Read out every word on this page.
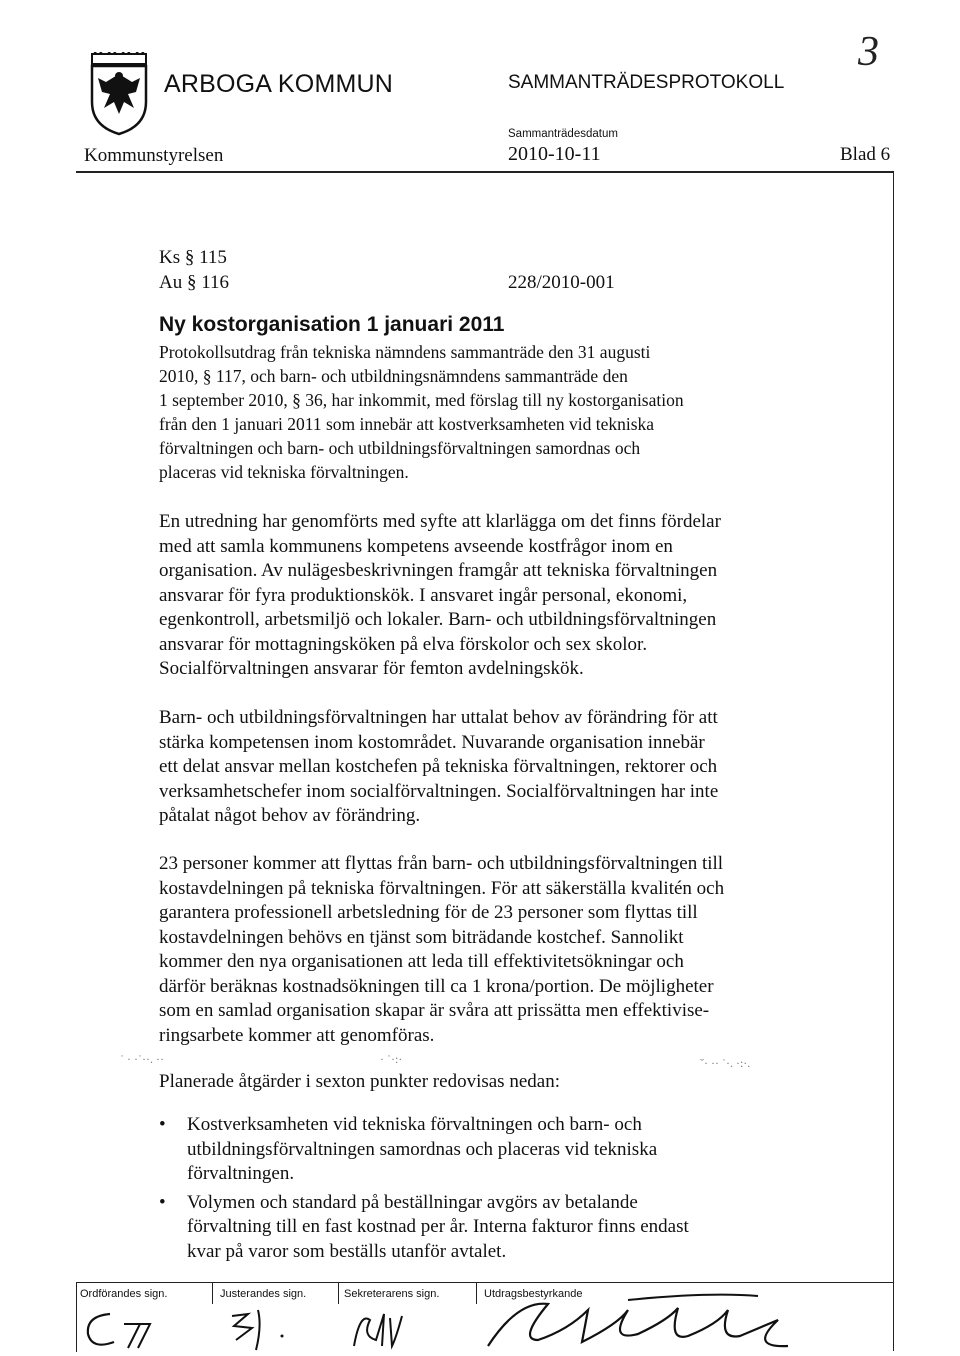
ARBOGA KOMMUN	SAMMANTRÄDESPROTOKOLL
3
Sammanträdesdatum
Kommunstyrelsen	2010-10-11	Blad 6
Ks § 115
Au § 116	228/2010-001
Ny kostorganisation 1 januari 2011
Protokollsutdrag från tekniska nämndens sammanträde den 31 augusti
2010, § 117, och barn- och utbildningsnämndens sammanträde den
1 september 2010, § 36, har inkommit, med förslag till ny kostorganisation
från den 1 januari 2011 som innebär att kostverksamheten vid tekniska
förvaltningen och barn- och utbildningsförvaltningen samordnas och
placeras vid tekniska förvaltningen.
En utredning har genomförts med syfte att klarlägga om det finns fördelar
med att samla kommunens kompetens avseende kostfrågor inom en
organisation. Av nulägesbeskrivningen framgår att tekniska förvaltningen
ansvarar för fyra produktionskök. I ansvaret ingår personal, ekonomi,
egenkontroll, arbetsmiljö och lokaler. Barn- och utbildningsförvaltningen
ansvarar för mottagningsköken på elva förskolor och sex skolor.
Socialförvaltningen ansvarar för femton avdelningskök.
Barn- och utbildningsförvaltningen har uttalat behov av förändring för att
stärka kompetensen inom kostområdet. Nuvarande organisation innebär
ett delat ansvar mellan kostchefen på tekniska förvaltningen, rektorer och
verksamhetschefer inom socialförvaltningen. Socialförvaltningen har inte
påtalat något behov av förändring.
23 personer kommer att flyttas från barn- och utbildningsförvaltningen till
kostavdelningen på tekniska förvaltningen. För att säkerställa kvalitén och
garantera professionell arbetsledning för de 23 personer som flyttas till
kostavdelningen behövs en tjänst som biträdande kostchef. Sannolikt
kommer den nya organisationen att leda till effektivitetsökningar och
därför beräknas kostnadsökningen till ca 1 krona/portion. De möjligheter
som en samlad organisation skapar är svåra att prissätta men effektivise-
ringsarbete kommer att genomföras.
˙ · ·˙··. ··	· ˙·:·	˘· ·· ˙·. ·:·.
Planerade åtgärder i sexton punkter redovisas nedan:
• Kostverksamheten vid tekniska förvaltningen och barn- och
utbildningsförvaltningen samordnas och placeras vid tekniska
förvaltningen.
• Volymen och standard på beställningar avgörs av betalande
förvaltning till en fast kostnad per år. Interna fakturor finns endast
kvar på varor som beställs utanför avtalet.
Ordförandes sign.	Justerandes sign.	Sekreterarens sign.	Utdragsbestyrkande
